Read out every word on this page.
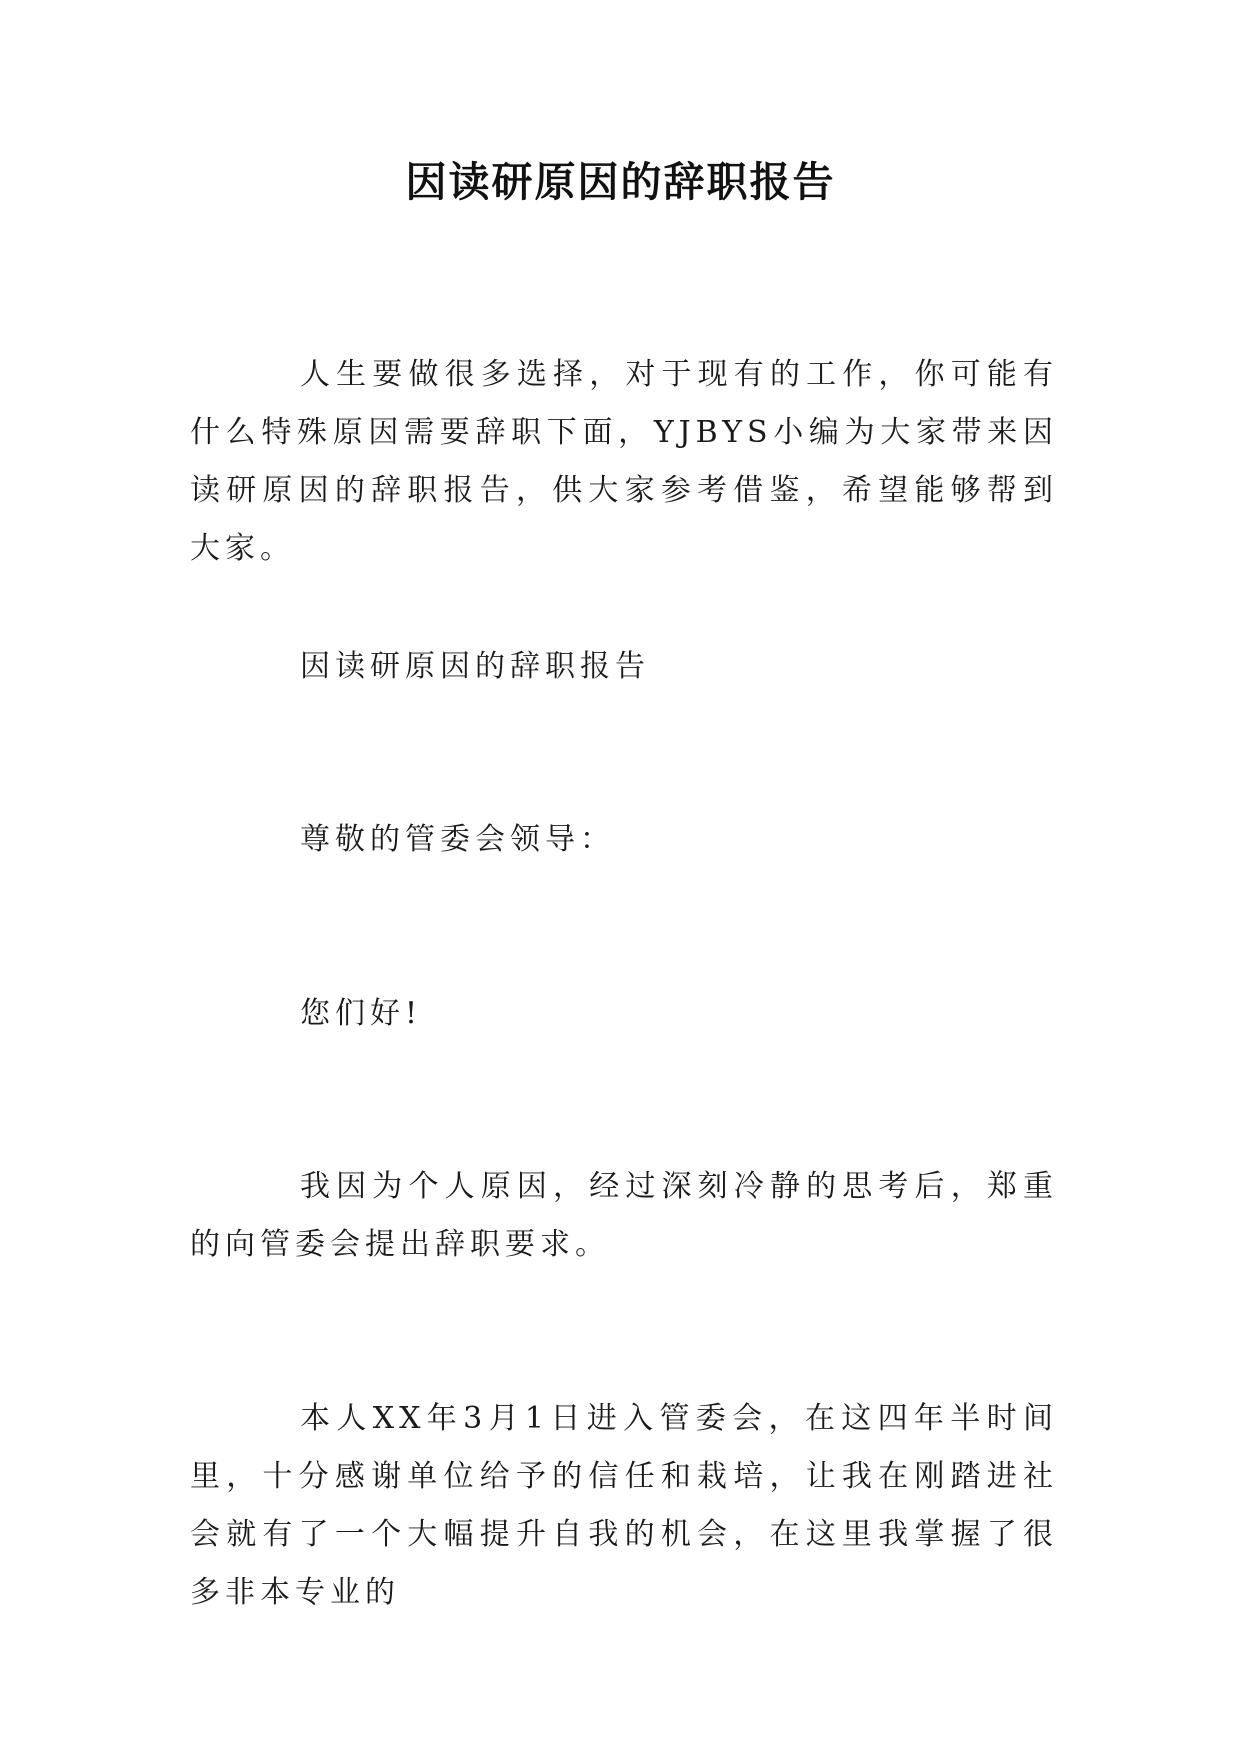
因读研原因的辞职报告

人生要做很多选择，对于现有的工作，你可能有什么特殊原因需要辞职下面，YJBYS小编为大家带来因读研原因的辞职报告，供大家参考借鉴，希望能够帮到大家。

因读研原因的辞职报告

尊敬的管委会领导：

您们好!

我因为个人原因，经过深刻冷静的思考后，郑重的向管委会提出辞职要求。

本人XX年3月1日进入管委会，在这四年半时间里，十分感谢单位给予的信任和栽培，让我在刚踏进社会就有了一个大幅提升自我的机会，在这里我掌握了很多非本专业的
